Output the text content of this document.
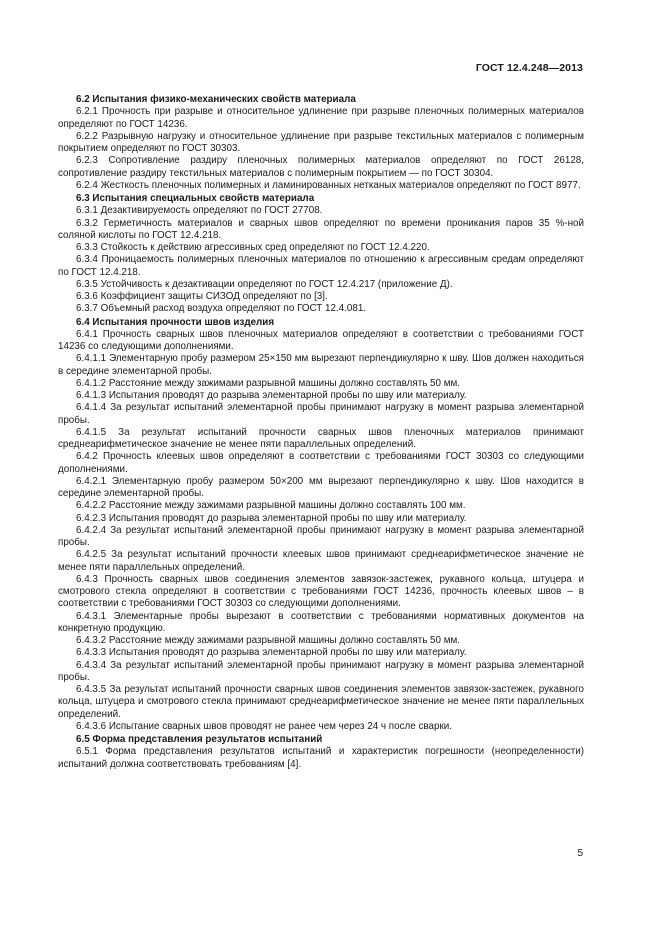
ГОСТ 12.4.248—2013
6.2 Испытания физико-механических свойств материала
6.2.1 Прочность при разрыве и относительное удлинение при разрыве пленочных полимерных материалов определяют по ГОСТ 14236.
6.2.2 Разрывную нагрузку и относительное удлинение при разрыве текстильных материалов с полимерным покрытием определяют по ГОСТ 30303.
6.2.3 Сопротивление раздиру пленочных полимерных материалов определяют по ГОСТ 26128, сопротивление раздиру текстильных материалов с полимерным покрытием — по ГОСТ 30304.
6.2.4 Жесткость пленочных полимерных и ламинированных нетканых материалов определяют по ГОСТ 8977.
6.3 Испытания специальных свойств материала
6.3.1 Дезактивируемость определяют по ГОСТ 27708.
6.3.2 Герметичность материалов и сварных швов определяют по времени проникания паров 35 %-ной соляной кислоты по ГОСТ 12.4.218.
6.3.3 Стойкость к действию агрессивных сред определяют по ГОСТ 12.4.220.
6.3.4 Проницаемость полимерных пленочных материалов по отношению к агрессивным средам определяют по ГОСТ 12.4.218.
6.3.5 Устойчивость к дезактивации определяют по ГОСТ 12.4.217 (приложение Д).
6.3.6 Коэффициент защиты СИЗОД определяют по [3].
6.3.7 Объемный расход воздуха определяют по ГОСТ 12.4.081.
6.4 Испытания прочности швов изделия
6.4.1 Прочность сварных швов пленочных материалов определяют в соответствии с требованиями ГОСТ 14236 со следующими дополнениями.
6.4.1.1 Элементарную пробу размером 25×150 мм вырезают перпендикулярно к шву. Шов должен находиться в середине элементарной пробы.
6.4.1.2 Расстояние между зажимами разрывной машины должно составлять 50 мм.
6.4.1.3 Испытания проводят до разрыва элементарной пробы по шву или материалу.
6.4.1.4 За результат испытаний элементарной пробы принимают нагрузку в момент разрыва элементарной пробы.
6.4.1.5 За результат испытаний прочности сварных швов пленочных материалов принимают среднеарифметическое значение не менее пяти параллельных определений.
6.4.2 Прочность клеевых швов определяют в соответствии с требованиями ГОСТ 30303 со следующими дополнениями.
6.4.2.1 Элементарную пробу размером 50×200 мм вырезают перпендикулярно к шву. Шов находится в середине элементарной пробы.
6.4.2.2 Расстояние между зажимами разрывной машины должно составлять 100 мм.
6.4.2.3 Испытания проводят до разрыва элементарной пробы по шву или материалу.
6.4.2.4 За результат испытаний элементарной пробы принимают нагрузку в момент разрыва элементарной пробы.
6.4.2.5 За результат испытаний прочности клеевых швов принимают среднеарифметическое значение не менее пяти параллельных определений.
6.4.3 Прочность сварных швов соединения элементов завязок-застежек, рукавного кольца, штуцера и смотрового стекла определяют в соответствии с требованиями ГОСТ 14236, прочность клеевых швов – в соответствии с требованиями ГОСТ 30303 со следующими дополнениями.
6.4.3.1 Элементарные пробы вырезают в соответствии с требованиями нормативных документов на конкретную продукцию.
6.4.3.2 Расстояние между зажимами разрывной машины должно составлять 50 мм.
6.4.3.3 Испытания проводят до разрыва элементарной пробы по шву или материалу.
6.4.3.4 За результат испытаний элементарной пробы принимают нагрузку в момент разрыва элементарной пробы.
6.4.3.5 За результат испытаний прочности сварных швов соединения элементов завязок-застежек, рукавного кольца, штуцера и смотрового стекла принимают среднеарифметическое значение не менее пяти параллельных определений.
6.4.3.6 Испытание сварных швов проводят не ранее чем через 24 ч после сварки.
6.5 Форма представления результатов испытаний
6.5.1 Форма представления результатов испытаний и характеристик погрешности (неопределенности) испытаний должна соответствовать требованиям [4].
5
